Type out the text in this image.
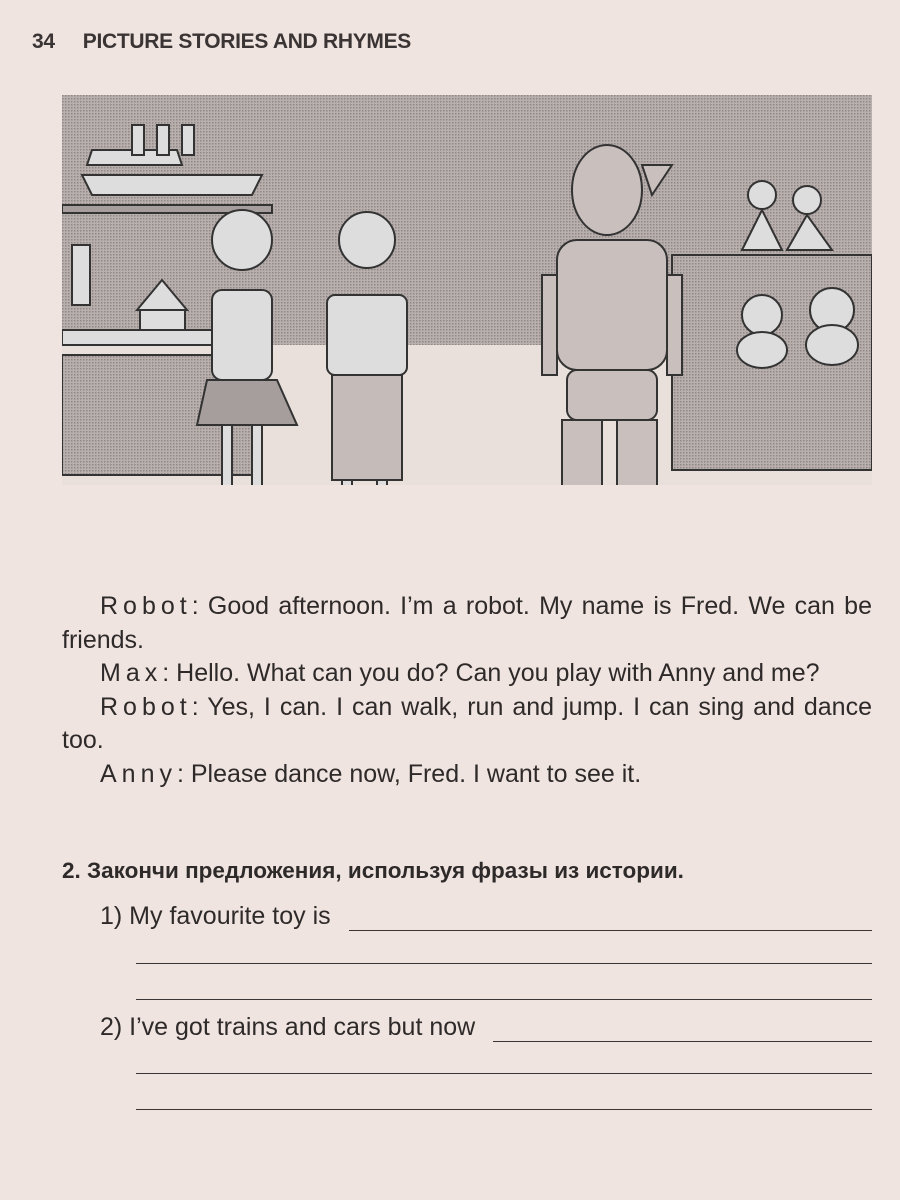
34 PICTURE STORIES AND RHYMES

Robot: Good afternoon. I’m a robot. My name is Fred. We can be friends.

Max: Hello. What can you do? Can you play with Anny and me?

Robot: Yes, I can. I can walk, run and jump. I can sing and dance too.

Anny: Please dance now, Fred. I want to see it.

2. Закончи предложения, используя фразы из истории.
1) My favourite toy is
2) I’ve got trains and cars but now
